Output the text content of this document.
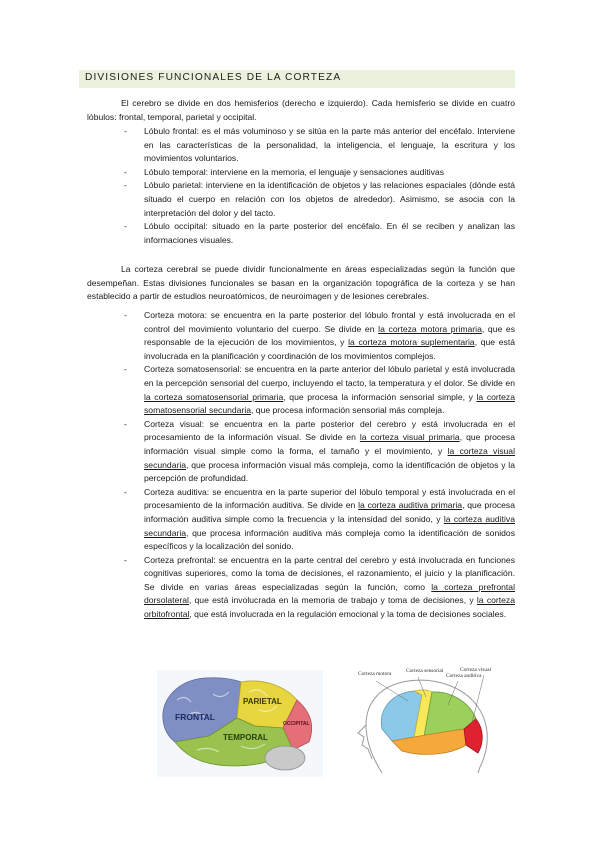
DIVISIONES FUNCIONALES DE LA CORTEZA

El cerebro se divide en dos hemisferios (derecho e izquierdo). Cada hemisferio se divide en cuatro lóbulos: frontal, temporal, parietal y occipital.

- Lóbulo frontal: es el más voluminoso y se sitúa en la parte más anterior del encéfalo. Interviene en las características de la personalidad, la inteligencia, el lenguaje, la escritura y los movimientos voluntarios.
- Lóbulo temporal: interviene en la memoria, el lenguaje y sensaciones auditivas
- Lóbulo parietal: interviene en la identificación de objetos y las relaciones espaciales (dónde está situado el cuerpo en relación con los objetos de alrededor). Asimismo, se asocia con la interpretación del dolor y del tacto.
- Lóbulo occipital: situado en la parte posterior del encéfalo. En él se reciben y analizan las informaciones visuales.

La corteza cerebral se puede dividir funcionalmente en áreas especializadas según la función que desempeñan. Estas divisiones funcionales se basan en la organización topográfica de la corteza y se han establecido a partir de estudios neuroatómicos, de neuroimagen y de lesiones cerebrales.

- Corteza motora: se encuentra en la parte posterior del lóbulo frontal y está involucrada en el control del movimiento voluntario del cuerpo. Se divide en la corteza motora primaria, que es responsable de la ejecución de los movimientos, y la corteza motora suplementaria, que está involucrada en la planificación y coordinación de los movimientos complejos.
- Corteza somatosensorial: se encuentra en la parte anterior del lóbulo parietal y está involucrada en la percepción sensorial del cuerpo, incluyendo el tacto, la temperatura y el dolor. Se divide en la corteza somatosensorial primaria, que procesa la información sensorial simple, y la corteza somatosensorial secundaria, que procesa información sensorial más compleja.
- Corteza visual: se encuentra en la parte posterior del cerebro y está involucrada en el procesamiento de la información visual. Se divide en la corteza visual primaria, que procesa información visual simple como la forma, el tamaño y el movimiento, y la corteza visual secundaria, que procesa información visual más compleja, como la identificación de objetos y la percepción de profundidad.
- Corteza auditiva: se encuentra en la parte superior del lóbulo temporal y está involucrada en el procesamiento de la información auditiva. Se divide en la corteza auditiva primaria, que procesa información auditiva simple como la frecuencia y la intensidad del sonido, y la corteza auditiva secundaria, que procesa información auditiva más compleja como la identificación de sonidos específicos y la localización del sonido.
- Corteza prefrontal: se encuentra en la parte central del cerebro y está involucrada en funciones cognitivas superiores, como la toma de decisiones, el razonamiento, el juicio y la planificación. Se divide en varias áreas especializadas según la función, como la corteza prefrontal dorsolateral, que está involucrada en la memoria de trabajo y toma de decisiones, y la corteza orbitofrontal, que está involucrada en la regulación emocional y la toma de decisiones sociales.
PARIETAL
FRONTAL
OCCIPITAL
TEMPORAL
Corteza motora	Corteza sensorial
Corteza auditiva
Corteza visual
